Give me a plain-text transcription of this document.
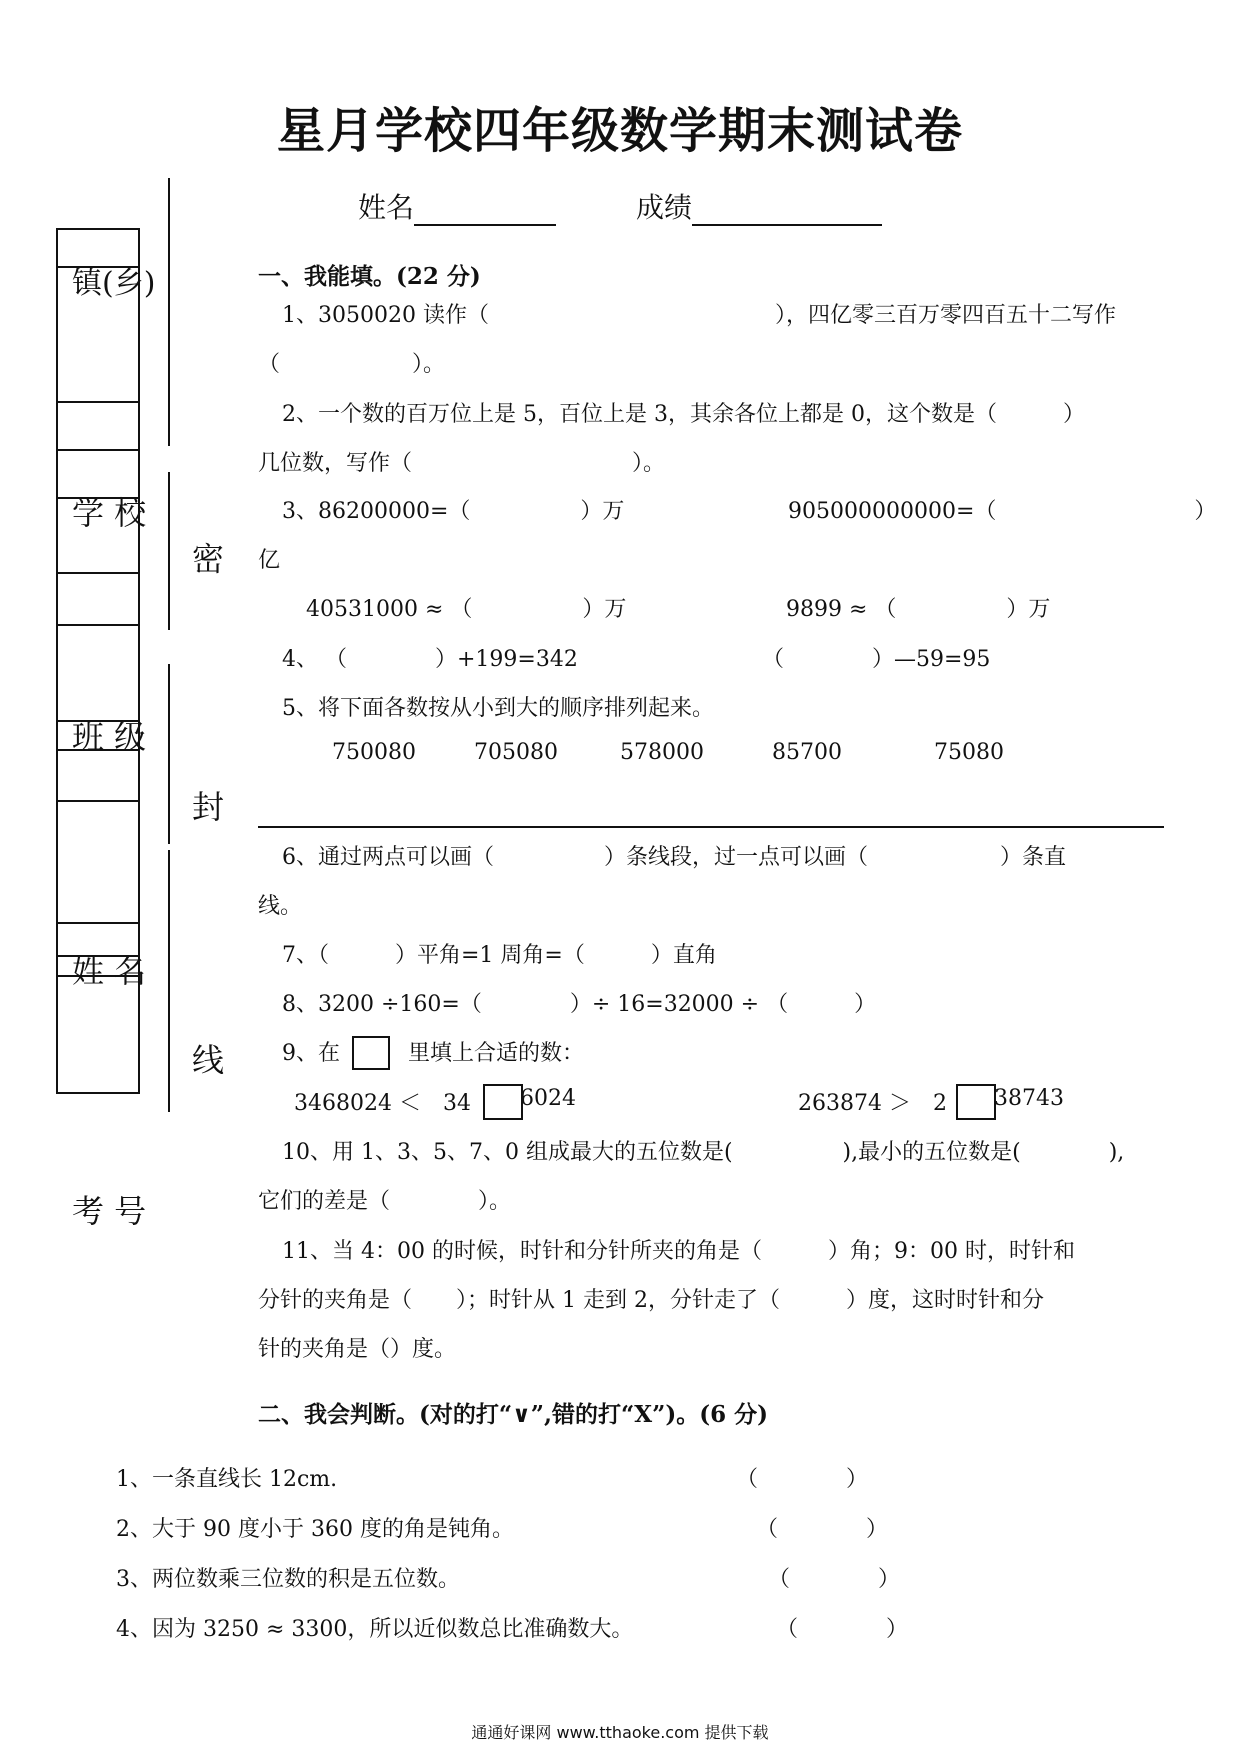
星月学校四年级数学期末测试卷
姓名	成绩
镇(乡)
学 校
班 级
姓 名
考 号
密
封
线
一、我能填。(22 分)
1、3050020 读作（　　　　　　　　　　　　　），四亿零三百万零四百五十二写作
（　　　　　　）。
2、一个数的百万位上是 5，百位上是 3，其余各位上都是 0，这个数是（　　　）
几位数，写作（　　　　　　　　　　）。
3、86200000=（　　　　　）万	905000000000=（　　　　　　　　　）
亿
40531000 ≈ （　　　　　）万	9899 ≈ （　　　　　）万
4、 （　　　　）+199=342	（　　　　）—59=95
5、将下面各数按从小到大的顺序排列起来。
750080	705080	578000	85700	75080
6、通过两点可以画（　　　　　）条线段，过一点可以画（　　　　　　）条直
线。
7、（　　　）平角=1 周角=（　　　）直角
8、3200 ÷160=（　　　　）÷ 16=32000 ÷ （　　　）
9、在	里填上合适的数：
3468024 ＜　34 6024	263874 ＞　2 38743
10、用 1、3、5、7、0 组成最大的五位数是(　　　　　),最小的五位数是(　　　　),
它们的差是（　　　　）。
11、当 4：00 的时候，时针和分针所夹的角是（　　　）角；9：00 时，时针和
分针的夹角是（　　）；时针从 1 走到 2，分针走了（　　　）度，这时时针和分
针的夹角是（）度。
二、我会判断。(对的打“∨”,错的打“X”)。(6 分)
1、一条直线长 12cm.	（　　　　）
2、大于 90 度小于 360 度的角是钝角。	（　　　　）
3、两位数乘三位数的积是五位数。	（　　　　）
4、因为 3250 ≈ 3300，所以近似数总比准确数大。	（　　　　）
通通好课网 www.tthaoke.com 提供下载
